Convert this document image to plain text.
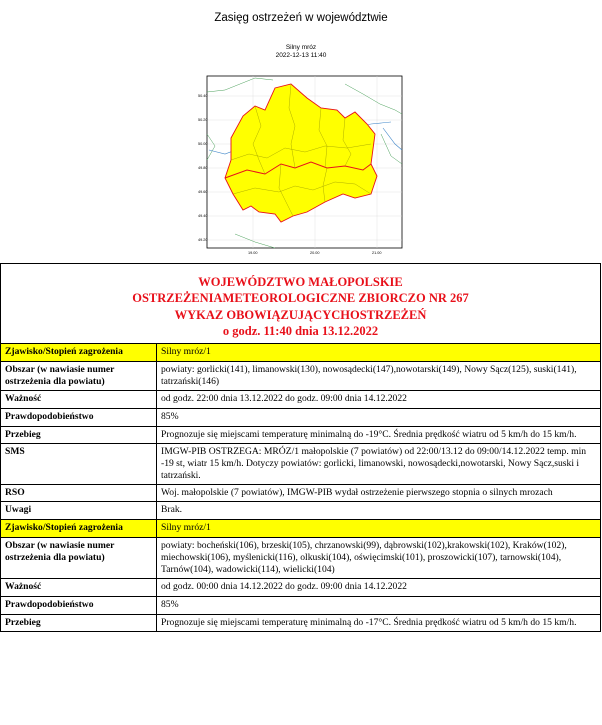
Zasięg ostrzeżeń w województwie
Silny mróz
2022-12-13 11:40
50.40
50.20
50.00
49.80
49.60
49.40
49.20
19.00	20.00	21.00
WOJEWÓDZTWO MAŁOPOLSKIE
OSTRZEŻENIAMETEOROLOGICZNE ZBIORCZO NR 267
WYKAZ OBOWIĄZUJĄCYCHOSTRZEŻEŃ
o godz. 11:40 dnia 13.12.2022	

Zjawisko/Stopień zagrożenia	Silny mróz/1
Obszar (w nawiasie numer ostrzeżenia dla powiatu)	powiaty: gorlicki(141), limanowski(130), nowosądecki(147),nowotarski(149), Nowy Sącz(125), suski(141), tatrzański(146)
Ważność	od godz. 22:00 dnia 13.12.2022 do godz. 09:00 dnia 14.12.2022
Prawdopodobieństwo	85%
Przebieg	Prognozuje się miejscami temperaturę minimalną do -19°C. Średnia prędkość wiatru od 5 km/h do 15 km/h.
SMS	IMGW-PIB OSTRZEGA: MRÓZ/1 małopolskie (7 powiatów) od 22:00/13.12 do 09:00/14.12.2022 temp. min -19 st, wiatr 15 km/h. Dotyczy powiatów: gorlicki, limanowski, nowosądecki,nowotarski, Nowy Sącz,suski i tatrzański.
RSO	Woj. małopolskie (7 powiatów), IMGW-PIB wydał ostrzeżenie pierwszego stopnia o silnych mrozach
Uwagi	Brak.
Zjawisko/Stopień zagrożenia	Silny mróz/1
Obszar (w nawiasie numer ostrzeżenia dla powiatu)	powiaty: bocheński(106), brzeski(105), chrzanowski(99), dąbrowski(102),krakowski(102), Kraków(102), miechowski(106), myślenicki(116), olkuski(104), oświęcimski(101), proszowicki(107), tarnowski(104), Tarnów(104), wadowicki(114), wielicki(104)
Ważność	od godz. 00:00 dnia 14.12.2022 do godz. 09:00 dnia 14.12.2022
Prawdopodobieństwo	85%
Przebieg	Prognozuje się miejscami temperaturę minimalną do -17°C. Średnia prędkość wiatru od 5 km/h do 15 km/h.
